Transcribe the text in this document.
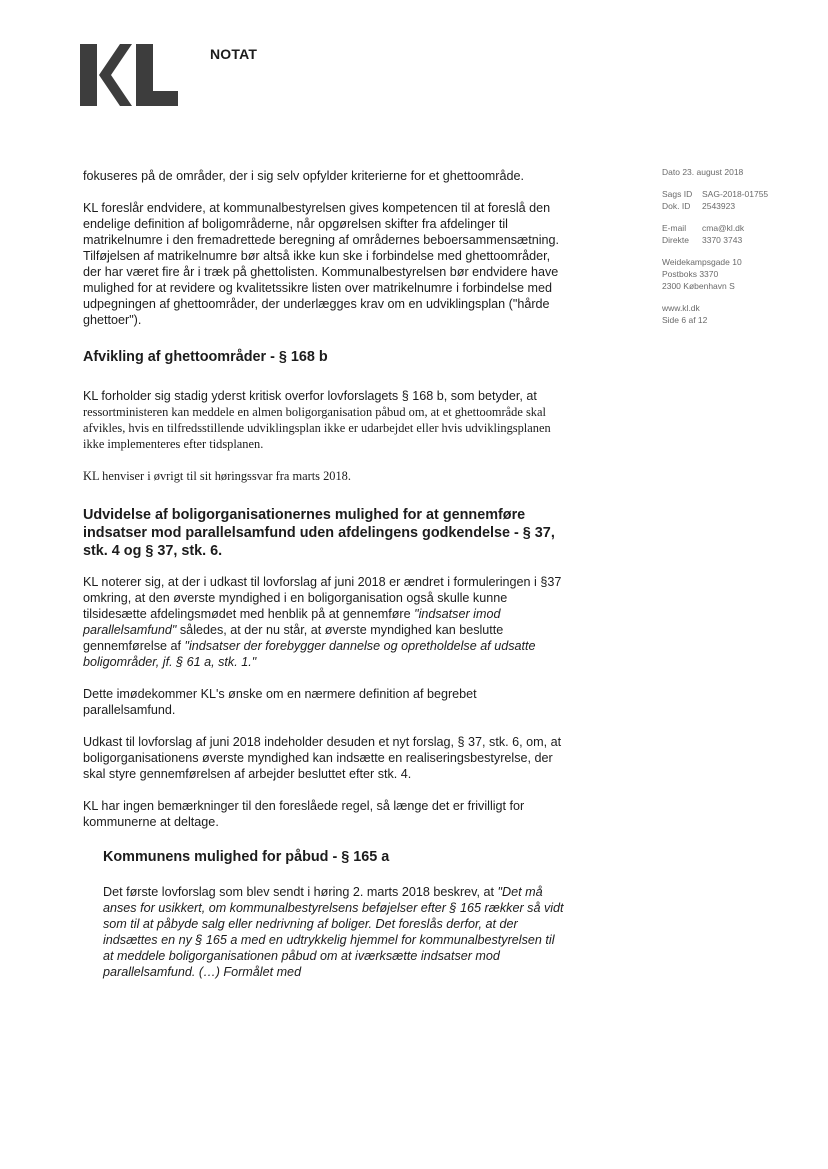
NOTAT
Dato 23. august 2018
Sags ID SAG-2018-01755
Dok. ID 2543923
E-mail cma@kl.dk
Direkte 3370 3743
Weidekampsgade 10
Postboks 3370
2300 København S
www.kl.dk
Side 6 af 12

fokuseres på de områder, der i sig selv opfylder kriterierne for et ghettoområde.

KL foreslår endvidere, at kommunalbestyrelsen gives kompetencen til at foreslå den endelige definition af boligområderne, når opgørelsen skifter fra afdelinger til matrikelnumre i den fremadrettede beregning af områdernes beboersammensætning. Tilføjelsen af matrikelnumre bør altså ikke kun ske i forbindelse med ghettoområder, der har været fire år i træk på ghettolisten. Kommunalbestyrelsen bør endvidere have mulighed for at revidere og kvalitetssikre listen over matrikelnumre i forbindelse med udpegningen af ghettoområder, der underlægges krav om en udviklingsplan ("hårde ghettoer").

Afvikling af ghettoområder - § 168 b

KL forholder sig stadig yderst kritisk overfor lovforslagets § 168 b, som betyder, at ressortministeren kan meddele en almen boligorganisation påbud om, at et ghettoområde skal afvikles, hvis en tilfredsstillende udviklingsplan ikke er udarbejdet eller hvis udviklingsplanen ikke implementeres efter tidsplanen.

KL henviser i øvrigt til sit høringssvar fra marts 2018.

Udvidelse af boligorganisationernes mulighed for at gennemføre indsatser mod parallelsamfund uden afdelingens godkendelse - § 37, stk. 4 og § 37, stk. 6.

KL noterer sig, at der i udkast til lovforslag af juni 2018 er ændret i formuleringen i §37 omkring, at den øverste myndighed i en boligorganisation også skulle kunne tilsidesætte afdelingsmødet med henblik på at gennemføre "indsatser imod parallelsamfund" således, at der nu står, at øverste myndighed kan beslutte gennemførelse af "indsatser der forebygger dannelse og opretholdelse af udsatte boligområder, jf. § 61 a, stk. 1."

Dette imødekommer KL's ønske om en nærmere definition af begrebet parallelsamfund.

Udkast til lovforslag af juni 2018 indeholder desuden et nyt forslag, § 37, stk. 6, om, at boligorganisationens øverste myndighed kan indsætte en realiseringsbestyrelse, der skal styre gennemførelsen af arbejder besluttet efter stk. 4.

KL har ingen bemærkninger til den foreslåede regel, så længe det er frivilligt for kommunerne at deltage.

Kommunens mulighed for påbud - § 165 a

Det første lovforslag som blev sendt i høring 2. marts 2018 beskrev, at "Det må anses for usikkert, om kommunalbestyrelsens beføjelser efter § 165 rækker så vidt som til at påbyde salg eller nedrivning af boliger. Det foreslås derfor, at der indsættes en ny § 165 a med en udtrykkelig hjemmel for kommunalbestyrelsen til at meddele boligorganisationen påbud om at iværksætte indsatser mod parallelsamfund. (…) Formålet med
